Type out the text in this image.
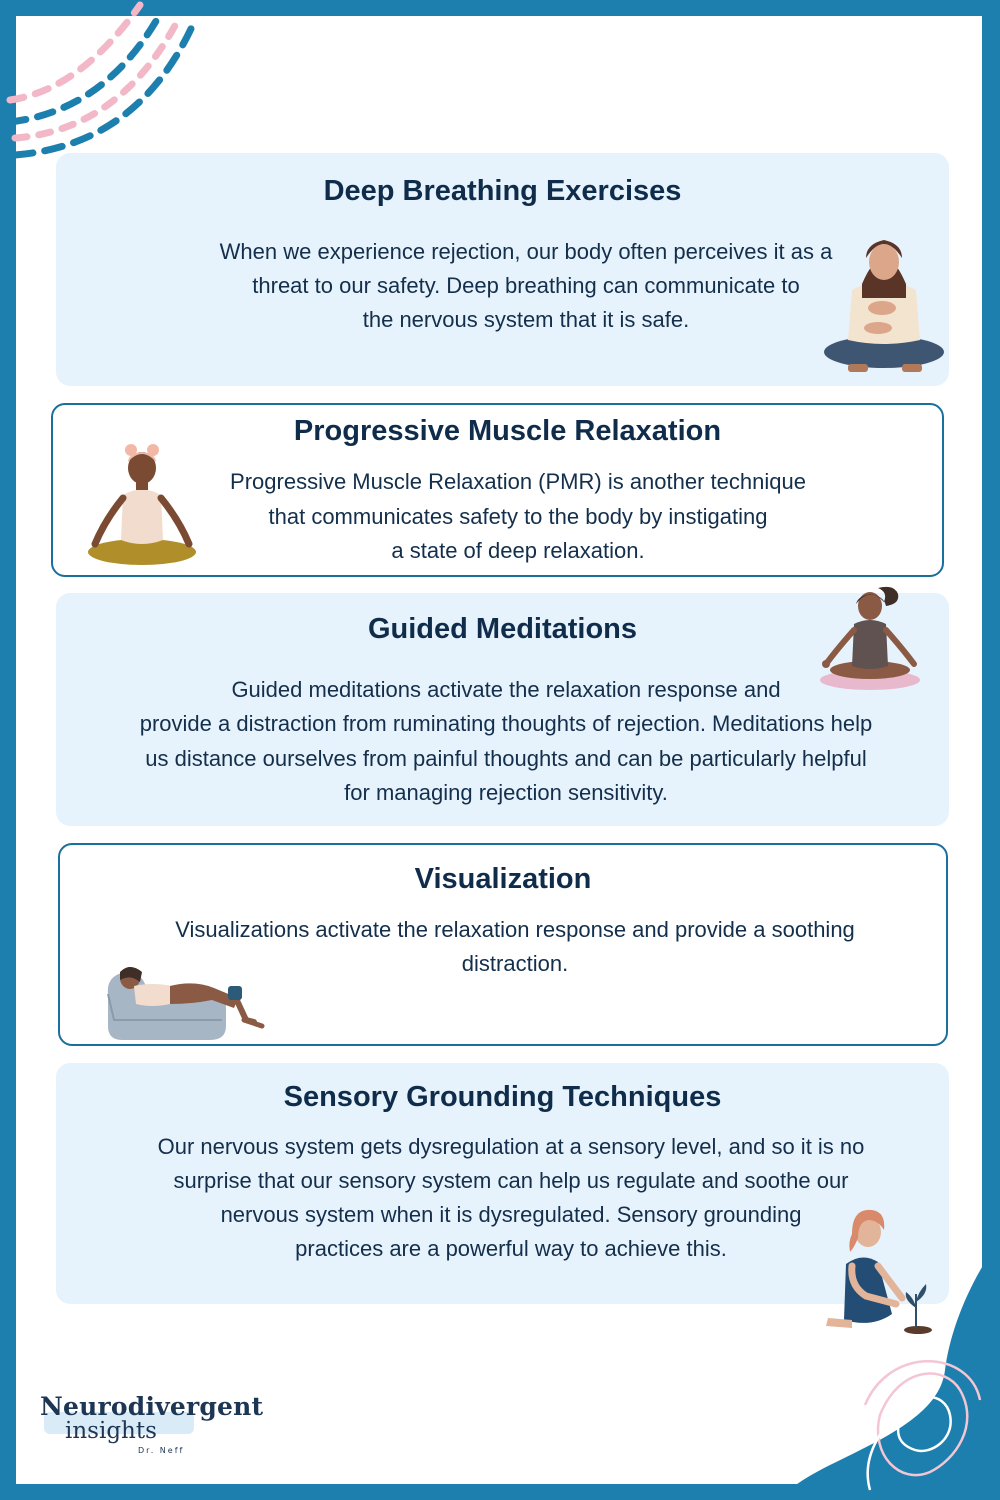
Deep Breathing Exercises

When we experience rejection, our body often perceives it as a

threat to our safety. Deep breathing can communicate to

the nervous system that it is safe.

Progressive Muscle Relaxation

Progressive Muscle Relaxation (PMR) is another technique

that communicates safety to the body by instigating

a state of deep relaxation.

Guided Meditations

Guided meditations activate the relaxation response and

provide a distraction from ruminating thoughts of rejection. Meditations help

us distance ourselves from painful thoughts and can be particularly helpful

for managing rejection sensitivity.

Visualization

Visualizations activate the relaxation response and provide a soothing

distraction.

Sensory Grounding Techniques

Our nervous system gets dysregulation at a sensory level, and so it is no

surprise that our sensory system can help us regulate and soothe our

nervous system when it is dysregulated. Sensory grounding

practices are a powerful way to achieve this.

Neurodivergent
insights
Dr. Neff
